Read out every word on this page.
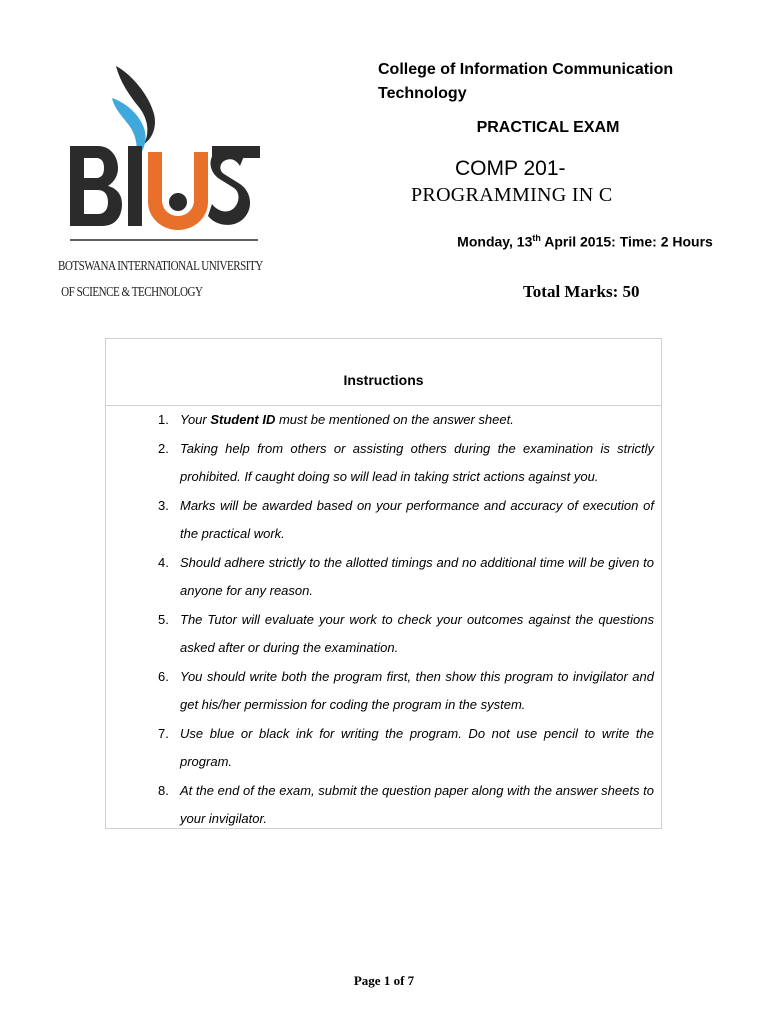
BOTSWANA INTERNATIONAL UNIVERSITY
OF SCIENCE & TECHNOLOGY
College of Information Communication Technology
PRACTICAL EXAM
COMP 201-
PROGRAMMING IN C
Monday, 13th April 2015: Time: 2 Hours
Total Marks: 50
Instructions
1. Your Student ID must be mentioned on the answer sheet.
2. Taking help from others or assisting others during the examination is strictly prohibited. If caught doing so will lead in taking strict actions against you.
3. Marks will be awarded based on your performance and accuracy of execution of the practical work.
4. Should adhere strictly to the allotted timings and no additional time will be given to anyone for any reason.
5. The Tutor will evaluate your work to check your outcomes against the questions asked after or during the examination.
6. You should write both the program first, then show this program to invigilator and get his/her permission for coding the program in the system.
7. Use blue or black ink for writing the program. Do not use pencil to write the program.
8. At the end of the exam, submit the question paper along with the answer sheets to your invigilator.
Page 1 of 7
